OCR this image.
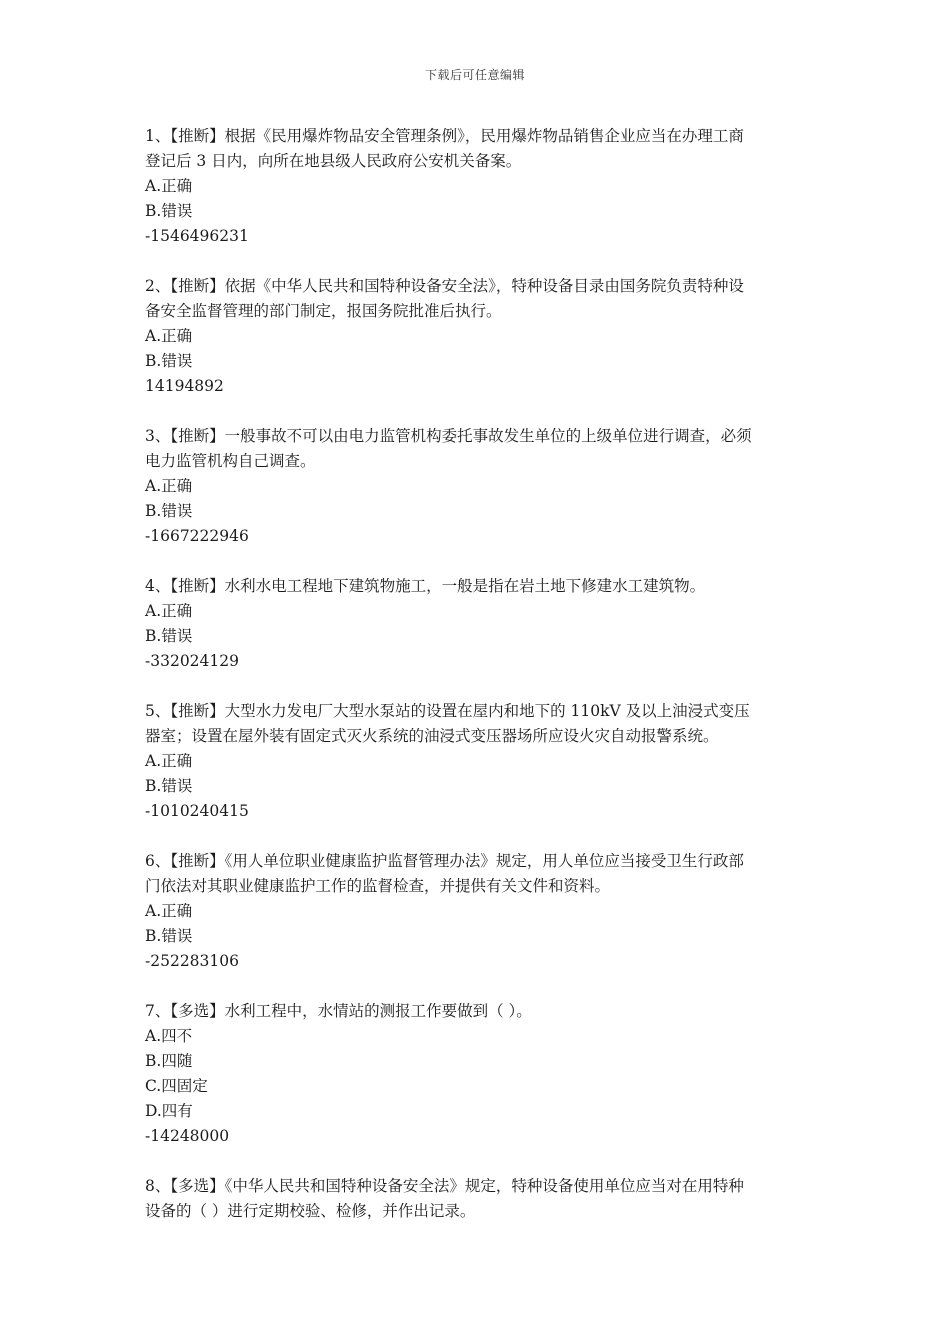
下载后可任意编辑
1、【推断】根据《民用爆炸物品安全管理条例》，民用爆炸物品销售企业应当在办理工商
登记后 3 日内，向所在地县级人民政府公安机关备案。
A.正确
B.错误
-1546496231
2、【推断】依据《中华人民共和国特种设备安全法》，特种设备目录由国务院负责特种设
备安全监督管理的部门制定，报国务院批准后执行。
A.正确
B.错误
14194892
3、【推断】一般事故不可以由电力监管机构委托事故发生单位的上级单位进行调查，必须
电力监管机构自己调查。
A.正确
B.错误
-1667222946
4、【推断】水利水电工程地下建筑物施工，一般是指在岩土地下修建水工建筑物。
A.正确
B.错误
-332024129
5、【推断】大型水力发电厂大型水泵站的设置在屋内和地下的 110kV 及以上油浸式变压
器室；设置在屋外装有固定式灭火系统的油浸式变压器场所应设火灾自动报警系统。
A.正确
B.错误
-1010240415
6、【推断】《用人单位职业健康监护监督管理办法》规定，用人单位应当接受卫生行政部
门依法对其职业健康监护工作的监督检查，并提供有关文件和资料。
A.正确
B.错误
-252283106
7、【多选】水利工程中，水情站的测报工作要做到（ ）。
A.四不
B.四随
C.四固定
D.四有
-14248000
8、【多选】《中华人民共和国特种设备安全法》规定，特种设备使用单位应当对在用特种
设备的（ ）进行定期校验、检修，并作出记录。
